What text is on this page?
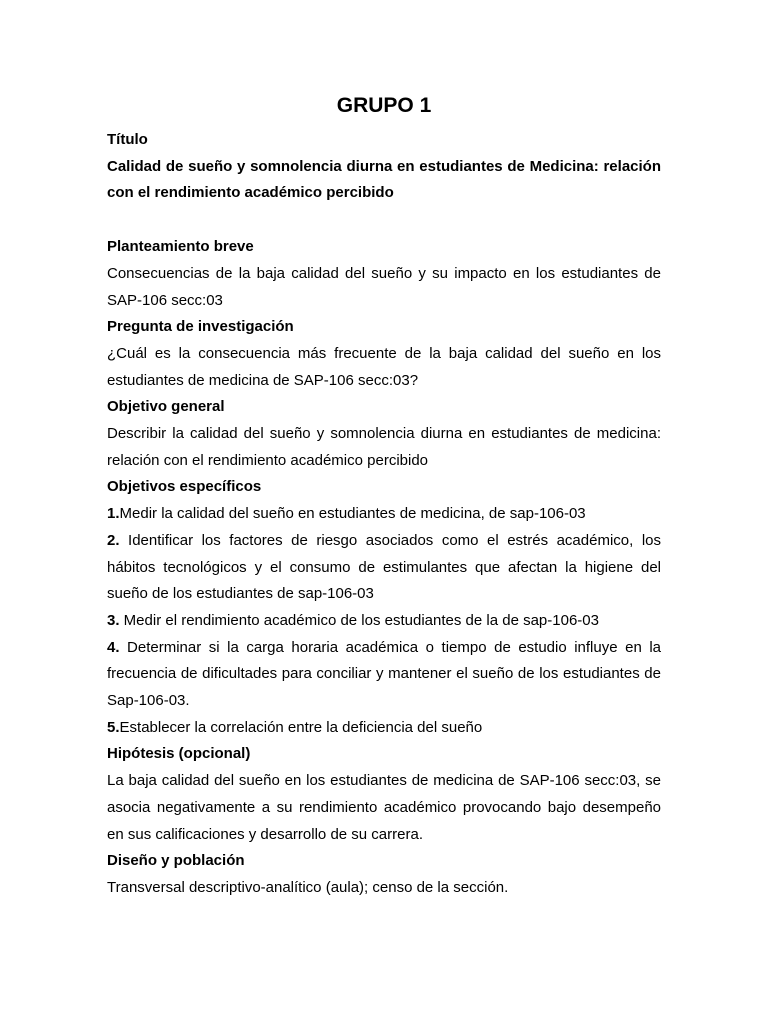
GRUPO 1

Título

Calidad de sueño y somnolencia diurna en estudiantes de Medicina: relación con el rendimiento académico percibido

Planteamiento breve

Consecuencias de la baja calidad del sueño y su impacto en los estudiantes de SAP-106 secc:03

Pregunta de investigación

¿Cuál es la consecuencia más frecuente de la baja calidad del sueño en los estudiantes de medicina de SAP-106 secc:03?

Objetivo general

Describir la calidad del sueño y somnolencia diurna en estudiantes de medicina: relación con el rendimiento académico percibido

Objetivos específicos

1.Medir la calidad del sueño en estudiantes de medicina, de sap-106-03

2. Identificar los factores de riesgo asociados como el estrés académico, los hábitos tecnológicos y el consumo de estimulantes que afectan la higiene del sueño de los estudiantes de sap-106-03

3. Medir el rendimiento académico de los estudiantes de la de sap-106-03

4. Determinar si la carga horaria académica o tiempo de estudio influye en la frecuencia de dificultades para conciliar y mantener el sueño de los estudiantes de Sap-106-03.

5.Establecer la correlación entre la deficiencia del sueño

Hipótesis (opcional)

La baja calidad del sueño en los estudiantes de medicina de SAP-106 secc:03, se asocia negativamente a su rendimiento académico provocando bajo desempeño en sus calificaciones y desarrollo de su carrera.

Diseño y población

Transversal descriptivo-analítico (aula); censo de la sección.
